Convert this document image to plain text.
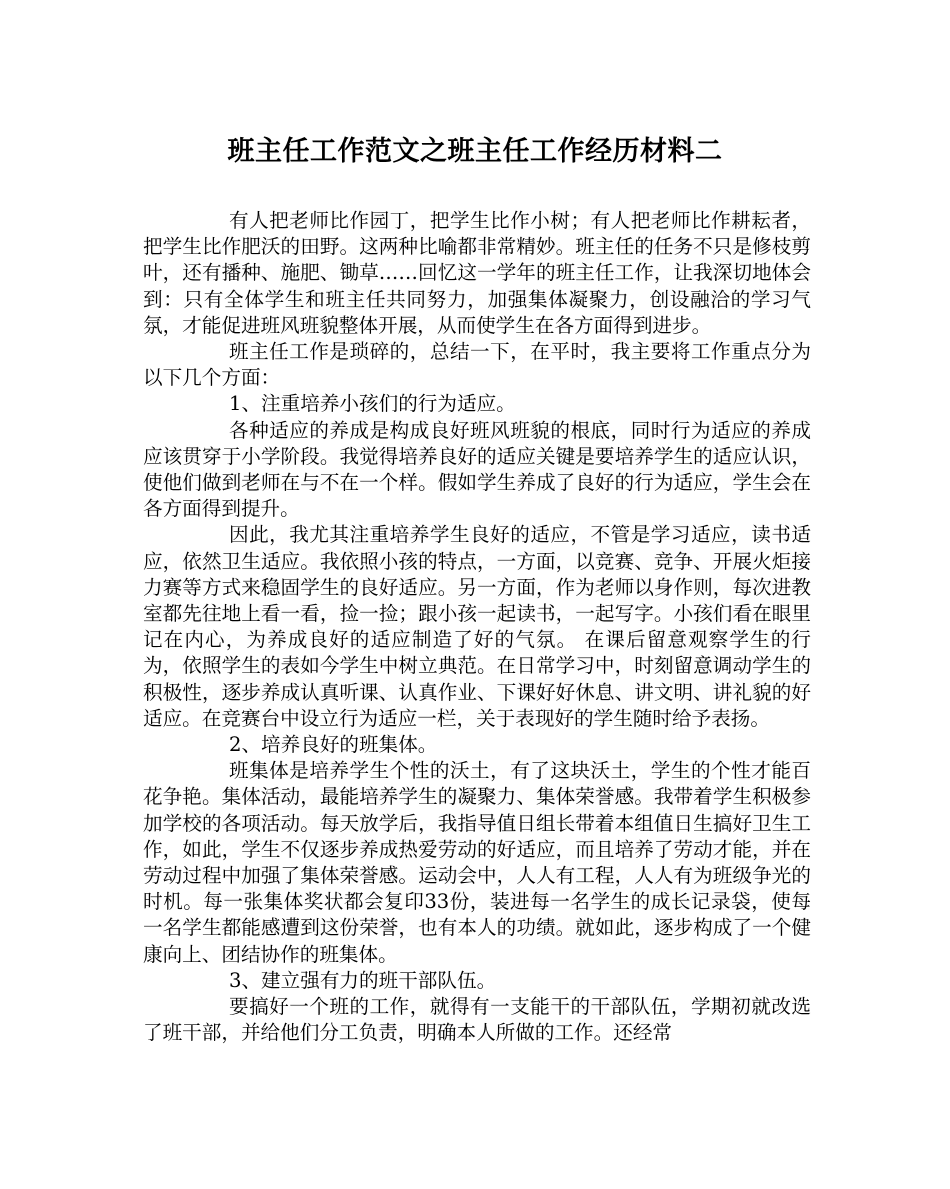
班主任工作范文之班主任工作经历材料二

有人把老师比作园丁，把学生比作小树；有人把老师比作耕耘者，把学生比作肥沃的田野。这两种比喻都非常精妙。班主任的任务不只是修枝剪叶，还有播种、施肥、锄草……回忆这一学年的班主任工作，让我深切地体会到：只有全体学生和班主任共同努力，加强集体凝聚力，创设融洽的学习气氛，才能促进班风班貌整体开展，从而使学生在各方面得到进步。

班主任工作是琐碎的，总结一下，在平时，我主要将工作重点分为以下几个方面：

1、注重培养小孩们的行为适应。

各种适应的养成是构成良好班风班貌的根底，同时行为适应的养成应该贯穿于小学阶段。我觉得培养良好的适应关键是要培养学生的适应认识，使他们做到老师在与不在一个样。假如学生养成了良好的行为适应，学生会在各方面得到提升。

因此，我尤其注重培养学生良好的适应，不管是学习适应，读书适应，依然卫生适应。我依照小孩的特点，一方面，以竞赛、竞争、开展火炬接力赛等方式来稳固学生的良好适应。另一方面，作为老师以身作则，每次进教室都先往地上看一看，捡一捡；跟小孩一起读书，一起写字。小孩们看在眼里记在内心，为养成良好的适应制造了好的气氛。 在课后留意观察学生的行为，依照学生的表如今学生中树立典范。在日常学习中，时刻留意调动学生的积极性，逐步养成认真听课、认真作业、下课好好休息、讲文明、讲礼貌的好适应。在竞赛台中设立行为适应一栏，关于表现好的学生随时给予表扬。

2、培养良好的班集体。

班集体是培养学生个性的沃土，有了这块沃土，学生的个性才能百花争艳。集体活动，最能培养学生的凝聚力、集体荣誉感。我带着学生积极参加学校的各项活动。每天放学后，我指导值日组长带着本组值日生搞好卫生工作，如此，学生不仅逐步养成热爱劳动的好适应，而且培养了劳动才能，并在劳动过程中加强了集体荣誉感。运动会中，人人有工程，人人有为班级争光的时机。每一张集体奖状都会复印33份，装进每一名学生的成长记录袋，使每一名学生都能感遭到这份荣誉，也有本人的功绩。就如此，逐步构成了一个健康向上、团结协作的班集体。

3、建立强有力的班干部队伍。

要搞好一个班的工作，就得有一支能干的干部队伍，学期初就改选了班干部，并给他们分工负责，明确本人所做的工作。还经常
